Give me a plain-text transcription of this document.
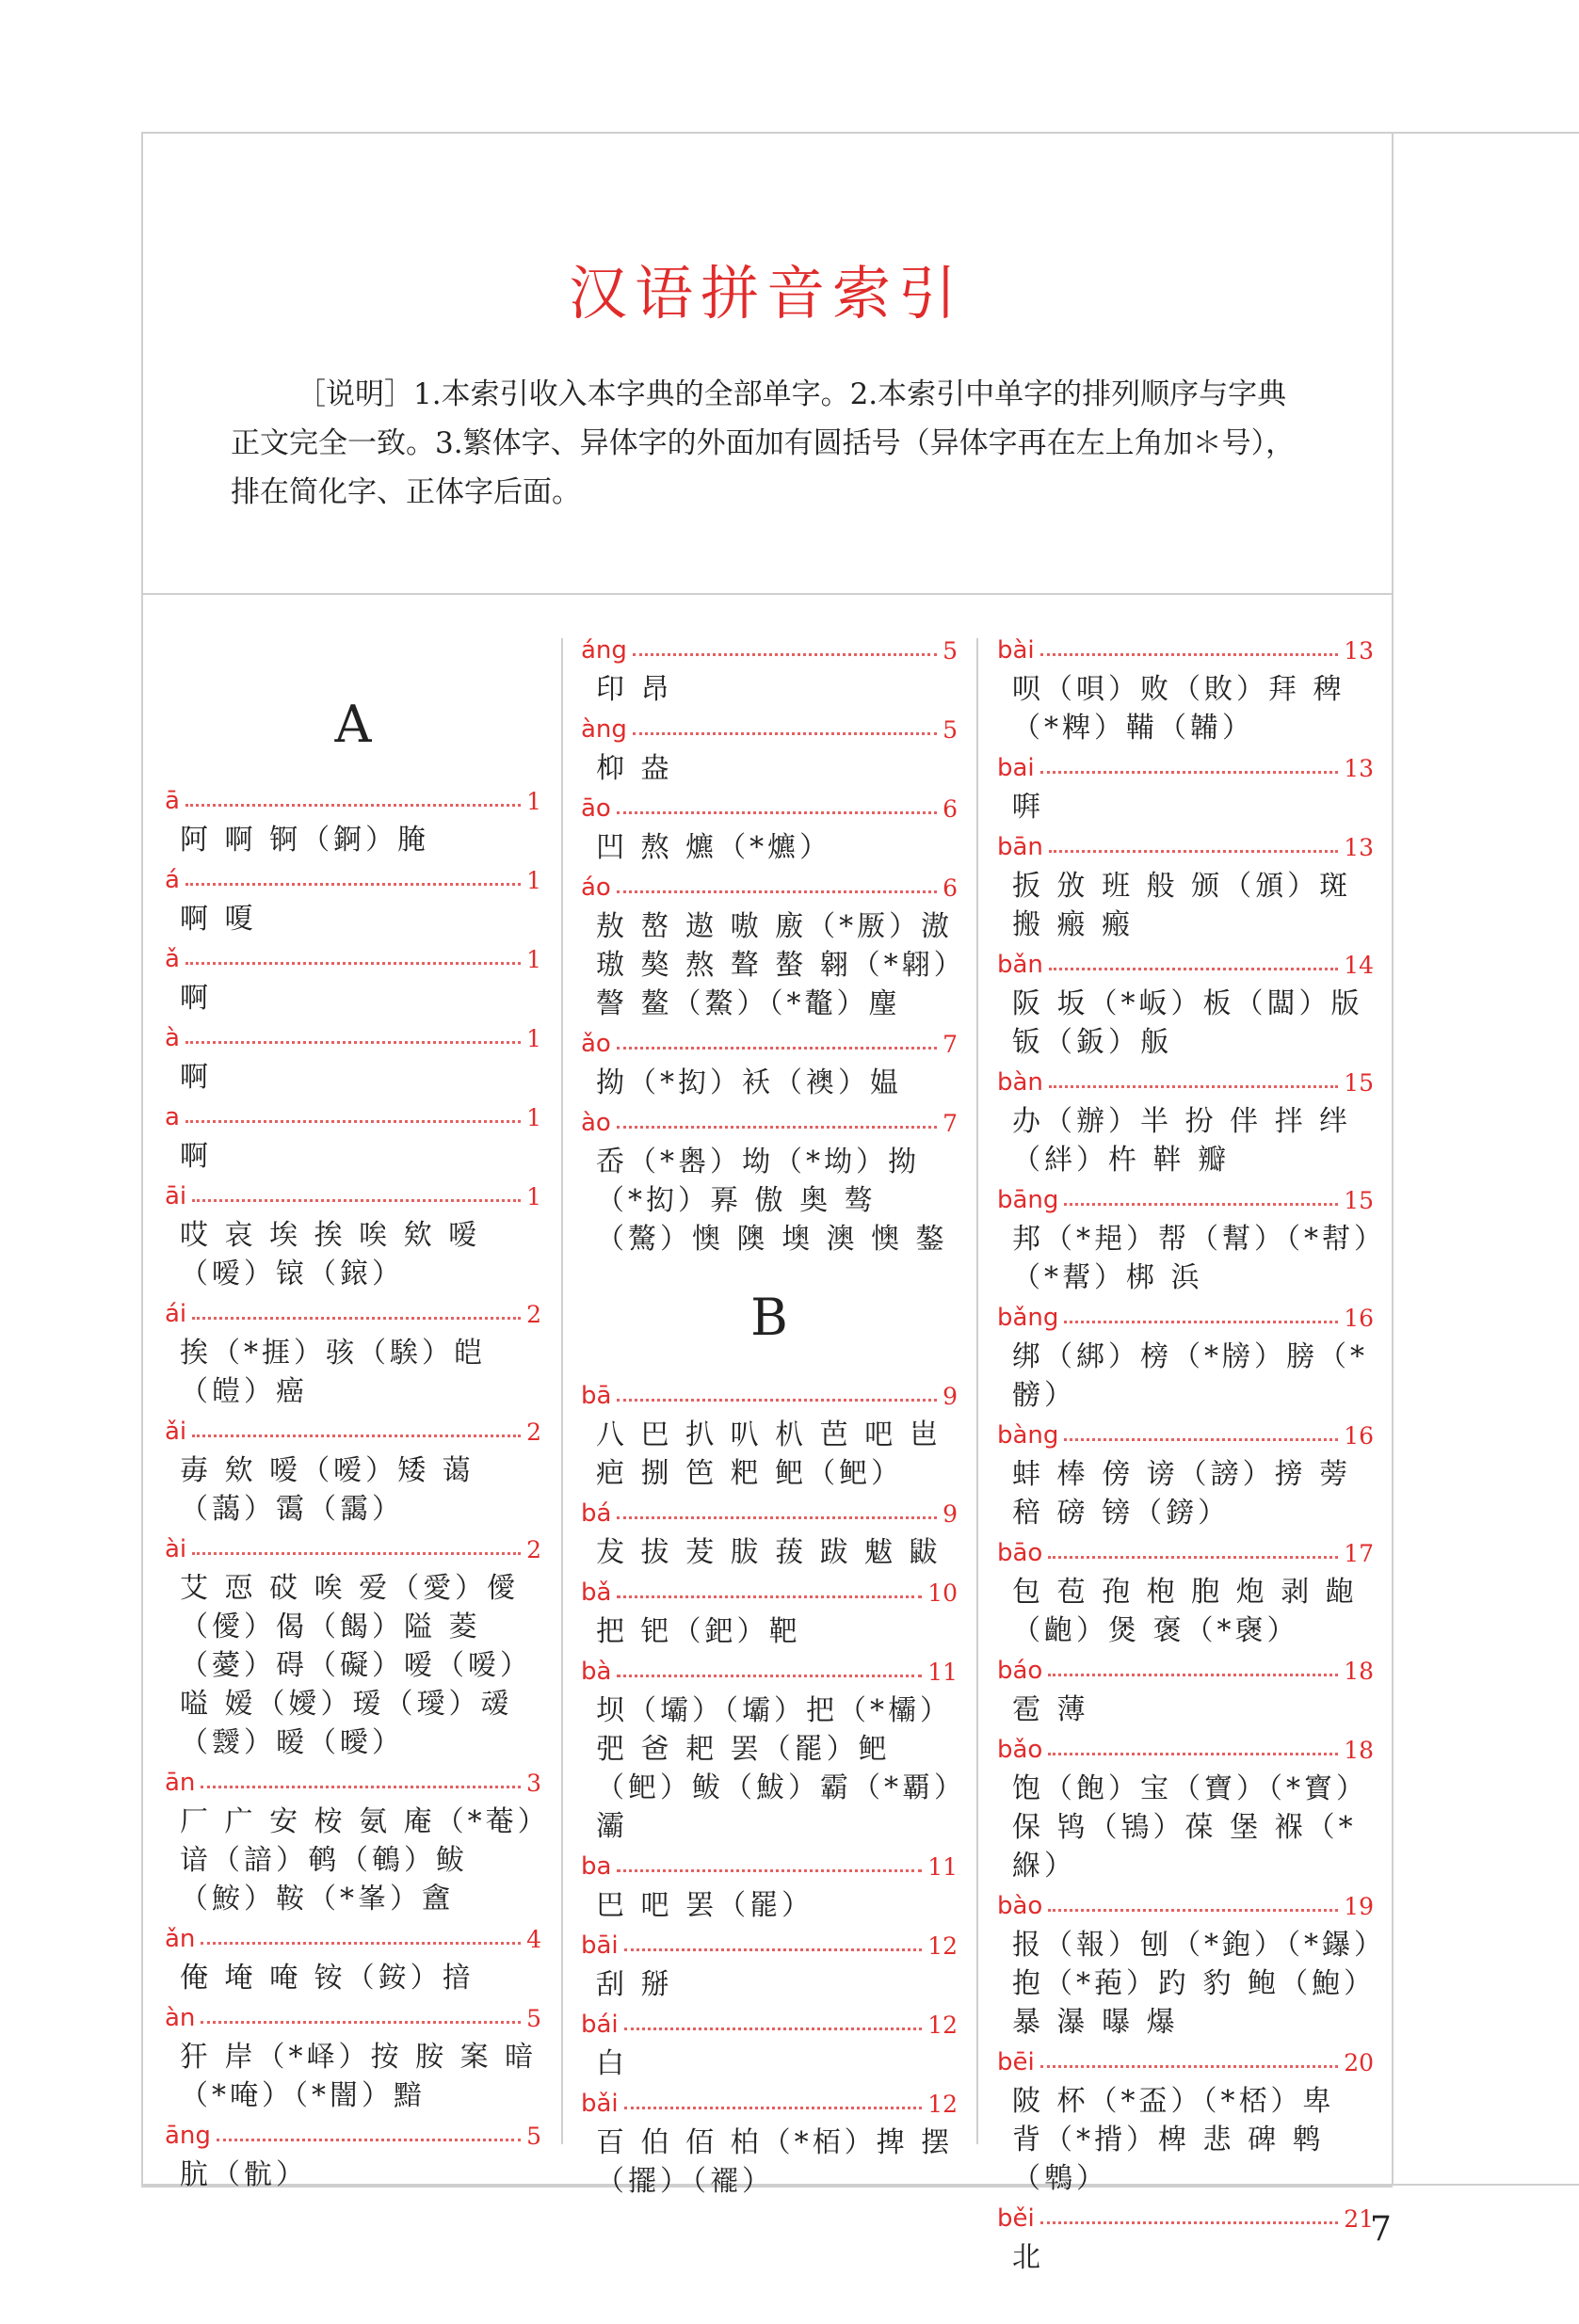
汉语拼音索引
［说明］1.本索引收入本字典的全部单字。2.本索引中单字的排列顺序与字典正文完全一致。3.繁体字、异体字的外面加有圆括号（异体字再在左上角加＊号），排在简化字、正体字后面。
A
ā	1
阿 啊 锕（錒）腌
á	1
啊 嗄
ǎ	1
啊
à	1
啊
a	1
啊
āi	1
哎 哀 埃 挨 唉 欸 嗳（嗳）锿（鎄）
ái	2
挨（*捱）骇（騃）皑（皚）癌
ǎi	2
毐 欸 嗳（嗳）矮 蔼（藹）霭（靄）
ài	2
艾 恧 砹 唉 爱（愛）僾（僾）偈（餲）隘 菱（薆）碍（礙）嗳（嗳）嗌 嫒（嬡）瑷（璦）叆（靉）暧（曖）
ān	3
厂 广 安 桉 氨 庵（*菴）谙（諳）鹌（鵪）鲅（鮟）鞍（*峯）盦
ǎn	4
俺 埯 唵 铵（銨）揞
àn	5
犴 岸（*峄）按 胺 案 暗（*唵）（*闇）黯
āng	5
肮（骯）
áng	5
印 昂
àng	5
枊 盎
āo	6
凹 熬 爊（*爊）
áo	6
敖 嶅 遨 嗷 廒（*厫）滶 璈 獒 熬 聱 螯 翱（*翶）謷 鳌（鰲）（*鼇）麈
ǎo	7
拗（*抝）袄（襖）媪
ào	7
岙（*嶴）坳（*坳）拗（*抝）奡 傲 奥 骜（驁）懊 隩 墺 澳 懊 鏊
B
bā	9
八 巴 扒 叭 朳 芭 吧 岜 疤 捌 笆 粑 鲃（鲃）
bá	9
犮 拔 茇 胈 菝 跋 魃 鼥
bǎ	10
把 钯（鈀）靶
bà	11
坝（壩）（壩）把（*欛）弝 爸 耙 罢（罷）鲃（鲃）鲅（鮁）霸（*覇）灞
ba	11
巴 吧 罢（罷）
bāi	12
刮 掰
bái	12
白
bǎi	12
百 伯 佰 柏（*栢）捭 摆（擺）（襬）
bài	13
呗（唄）败（敗）拜 稗（*粺）鞴（韛）
bai	13
㗑
bān	13
扳 攽 班 般 颁（頒）斑 搬 瘢 瘢
bǎn	14
阪 坂（*岅）板（闆）版 钣（鈑）舨
bàn	15
办（辦）半 扮 伴 拌 绊（絆）杵 靽 瓣
bāng	15
邦（*邫）帮（幫）（*幇）（*幚）梆 浜
bǎng	16
绑（綁）榜（*牓）膀（*髈）
bàng	16
蚌 棒 傍 谤（謗）搒 蒡 稖 磅 镑（鎊）
bāo	17
包 苞 孢 枹 胞 炮 剥 龅（齙）煲 褒（*襃）
báo	18
雹 薄
bǎo	18
饱（飽）宝（寶）（*寳）保 鸨（鴇）葆 堡 褓（*緥）
bào	19
报（報）刨（*鉋）（*鑤）抱（*菢）趵 豹 鲍（鮑）暴 瀑 曝 爆
bēi	20
陂 杯（*盃）（*桮）卑 背（*揹）椑 悲 碑 鹎（鵯）
běi	21
北
7
